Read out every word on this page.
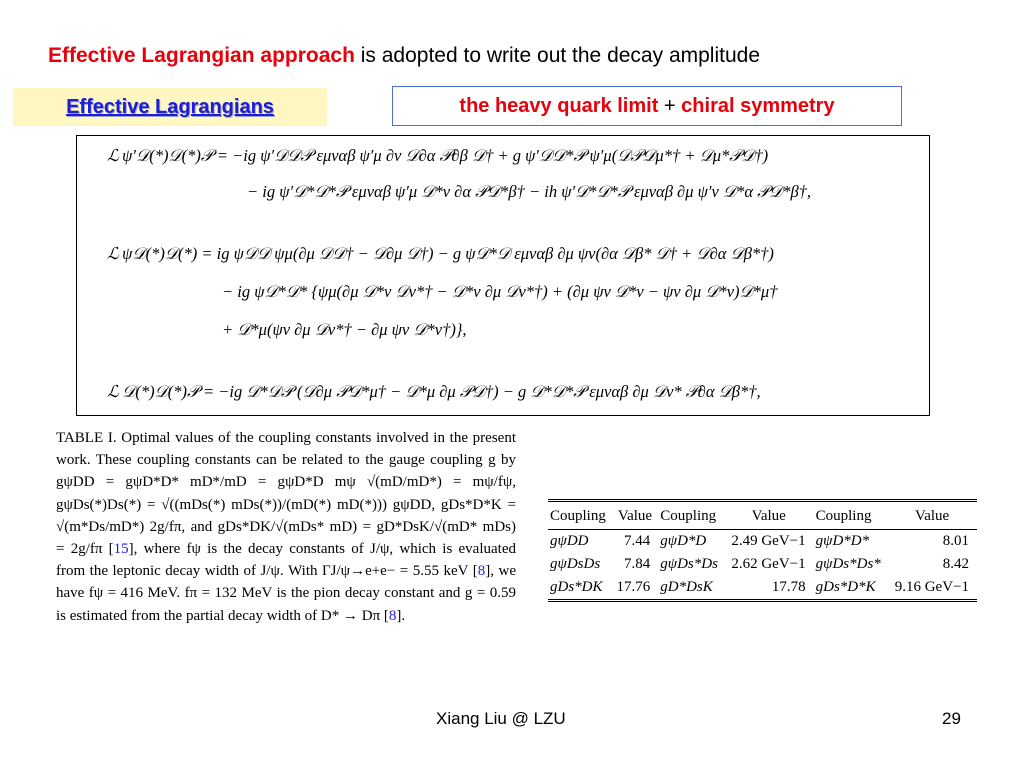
Effective Lagrangian approach is adopted to write out the decay amplitude
Effective Lagrangians	the heavy quark limit + chiral symmetry
ℒ ψ′𝒟(*)𝒟(*)𝒫 = −ig ψ′𝒟𝒟𝒫 εμναβ ψ′μ ∂ν 𝒟∂α 𝒫∂β 𝒟† + g ψ′𝒟𝒟*𝒫 ψ′μ(𝒟𝒫𝒟μ*† + 𝒟μ*𝒫𝒟†)
− ig ψ′𝒟*𝒟*𝒫 εμναβ ψ′μ 𝒟*ν ∂α 𝒫𝒟*β† − ih ψ′𝒟*𝒟*𝒫 εμναβ ∂μ ψ′ν 𝒟*α 𝒫𝒟*β†,
ℒ ψ𝒟(*)𝒟(*) = ig ψ𝒟𝒟 ψμ(∂μ 𝒟𝒟† − 𝒟∂μ 𝒟†) − g ψ𝒟*𝒟 εμναβ ∂μ ψν(∂α 𝒟β* 𝒟† + 𝒟∂α 𝒟β*†)
− ig ψ𝒟*𝒟* {ψμ(∂μ 𝒟*ν 𝒟ν*† − 𝒟*ν ∂μ 𝒟ν*†) + (∂μ ψν 𝒟*ν − ψν ∂μ 𝒟*ν)𝒟*μ†
+ 𝒟*μ(ψν ∂μ 𝒟ν*† − ∂μ ψν 𝒟*ν†)},
ℒ 𝒟(*)𝒟(*)𝒫 = −ig 𝒟*𝒟𝒫 (𝒟∂μ 𝒫𝒟*μ† − 𝒟*μ ∂μ 𝒫𝒟†) − g 𝒟*𝒟*𝒫 εμναβ ∂μ 𝒟ν* 𝒫∂α 𝒟β*†,

TABLE I. Optimal values of the coupling constants involved in the present work. These coupling constants can be related to the gauge coupling g by gψDD = gψD*D* mD*/mD = gψD*D mψ √(mD/mD*) = mψ/fψ, gψDs(*)Ds(*) = √((mDs(*) mDs(*))/(mD(*) mD(*))) gψDD, gDs*D*K = √(m*Ds/mD*) 2g/fπ, and gDs*DK/√(mDs* mD) = gD*DsK/√(mD* mDs) = 2g/fπ [15], where fψ is the decay constants of J/ψ, which is evaluated from the leptonic decay width of J/ψ. With ΓJ/ψ→e+e− = 5.55 keV [8], we have fψ = 416 MeV. fπ = 132 MeV is the pion decay constant and g = 0.59 is estimated from the partial decay width of D* → Dπ [8].

Coupling	Value	Coupling	Value	Coupling	Value
gψDD	7.44	gψD*D	2.49 GeV−1	gψD*D*	8.01
gψDsDs	7.84	gψDs*Ds	2.62 GeV−1	gψDs*Ds*	8.42
gDs*DK	17.76	gD*DsK	17.78	gDs*D*K	9.16 GeV−1
Xiang Liu @ LZU	29
